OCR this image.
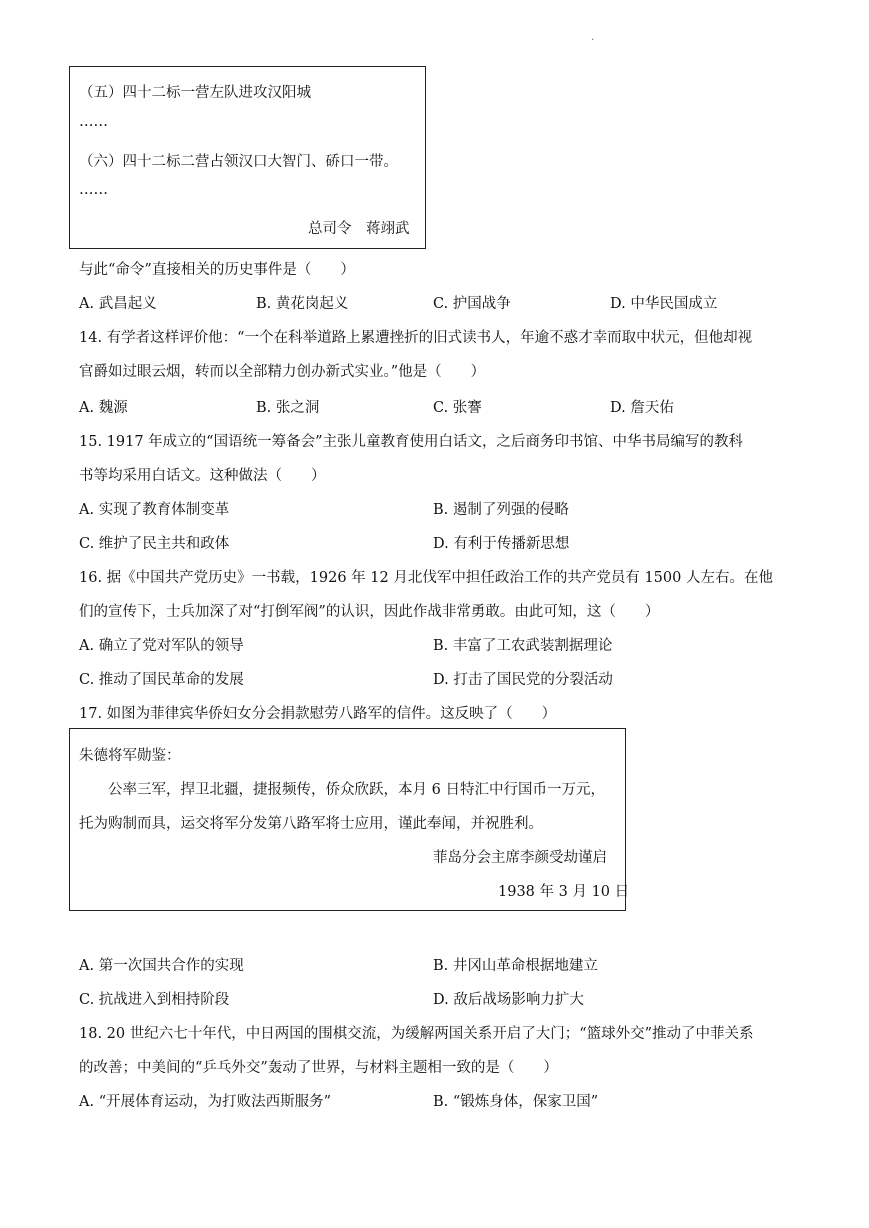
.
（五）四十二标一营左队进攻汉阳城
……
（六）四十二标二营占领汉口大智门、硚口一带。
……
总司令　蒋翊武
与此“命令”直接相关的历史事件是（　　）
A. 武昌起义	B. 黄花岗起义	C. 护国战争	D. 中华民国成立
14. 有学者这样评价他：“一个在科举道路上累遭挫折的旧式读书人，年逾不惑才幸而取中状元，但他却视
官爵如过眼云烟，转而以全部精力创办新式实业。”他是（　　）
A. 魏源	B. 张之洞	C. 张謇	D. 詹天佑
15. 1917 年成立的“国语统一筹备会”主张儿童教育使用白话文，之后商务印书馆、中华书局编写的教科
书等均采用白话文。这种做法（　　）
A. 实现了教育体制变革	B. 遏制了列强的侵略
C. 维护了民主共和政体	D. 有利于传播新思想
16. 据《中国共产党历史》一书载，1926 年 12 月北伐军中担任政治工作的共产党员有 1500 人左右。在他
们的宣传下，士兵加深了对“打倒军阀”的认识，因此作战非常勇敢。由此可知，这（　　）
A. 确立了党对军队的领导	B. 丰富了工农武装割据理论
C. 推动了国民革命的发展	D. 打击了国民党的分裂活动
17. 如图为菲律宾华侨妇女分会捐款慰劳八路军的信件。这反映了（　　）
朱德将军勋鉴：
公率三军，捍卫北疆，捷报频传，侨众欣跃，本月 6 日特汇中行国币一万元，
托为购制而具，运交将军分发第八路军将士应用，谨此奉闻，并祝胜利。
菲岛分会主席李颜受劫谨启
1938 年 3 月 10 日
A. 第一次国共合作的实现	B. 井冈山革命根据地建立
C. 抗战进入到相持阶段	D. 敌后战场影响力扩大
18. 20 世纪六七十年代，中日两国的围棋交流，为缓解两国关系开启了大门；“篮球外交”推动了中菲关系
的改善；中美间的“乒乓外交”轰动了世界，与材料主题相一致的是（　　）
A. “开展体育运动，为打败法西斯服务”	B. “锻炼身体，保家卫国”
